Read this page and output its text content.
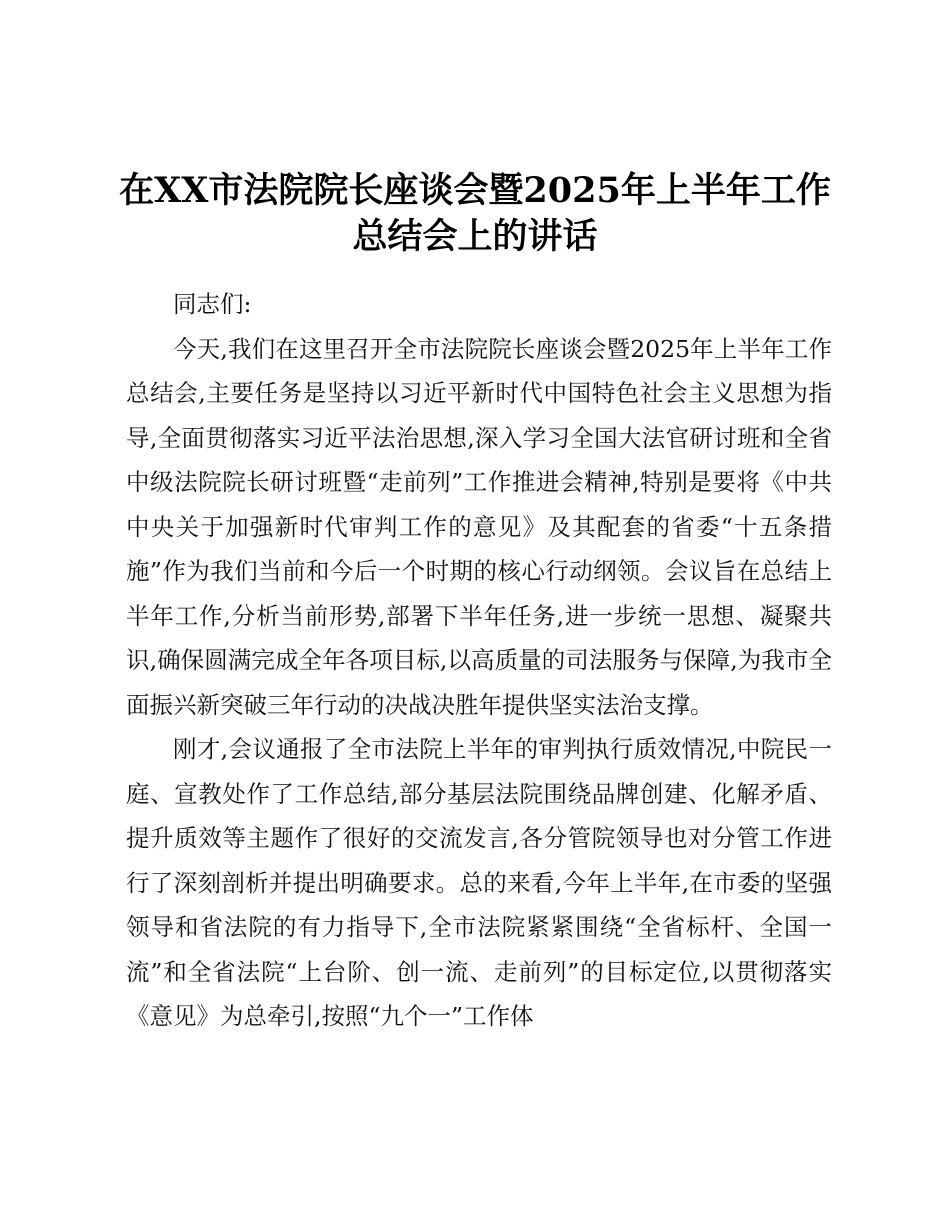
在XX市法院院长座谈会暨2025年上半年工作
总结会上的讲话

同志们:

今天,我们在这里召开全市法院院长座谈会暨2025年上半年工作总结会,主要任务是坚持以习近平新时代中国特色社会主义思想为指导,全面贯彻落实习近平法治思想,深入学习全国大法官研讨班和全省中级法院院长研讨班暨“走前列”工作推进会精神,特别是要将《中共中央关于加强新时代审判工作的意见》及其配套的省委“十五条措施”作为我们当前和今后一个时期的核心行动纲领。会议旨在总结上半年工作,分析当前形势,部署下半年任务,进一步统一思想、凝聚共识,确保圆满完成全年各项目标,以高质量的司法服务与保障,为我市全面振兴新突破三年行动的决战决胜年提供坚实法治支撑。

刚才,会议通报了全市法院上半年的审判执行质效情况,中院民一庭、宣教处作了工作总结,部分基层法院围绕品牌创建、化解矛盾、提升质效等主题作了很好的交流发言,各分管院领导也对分管工作进行了深刻剖析并提出明确要求。总的来看,今年上半年,在市委的坚强领导和省法院的有力指导下,全市法院紧紧围绕“全省标杆、全国一流”和全省法院“上台阶、创一流、走前列”的目标定位,以贯彻落实《意见》为总牵引,按照“九个一”工作体
